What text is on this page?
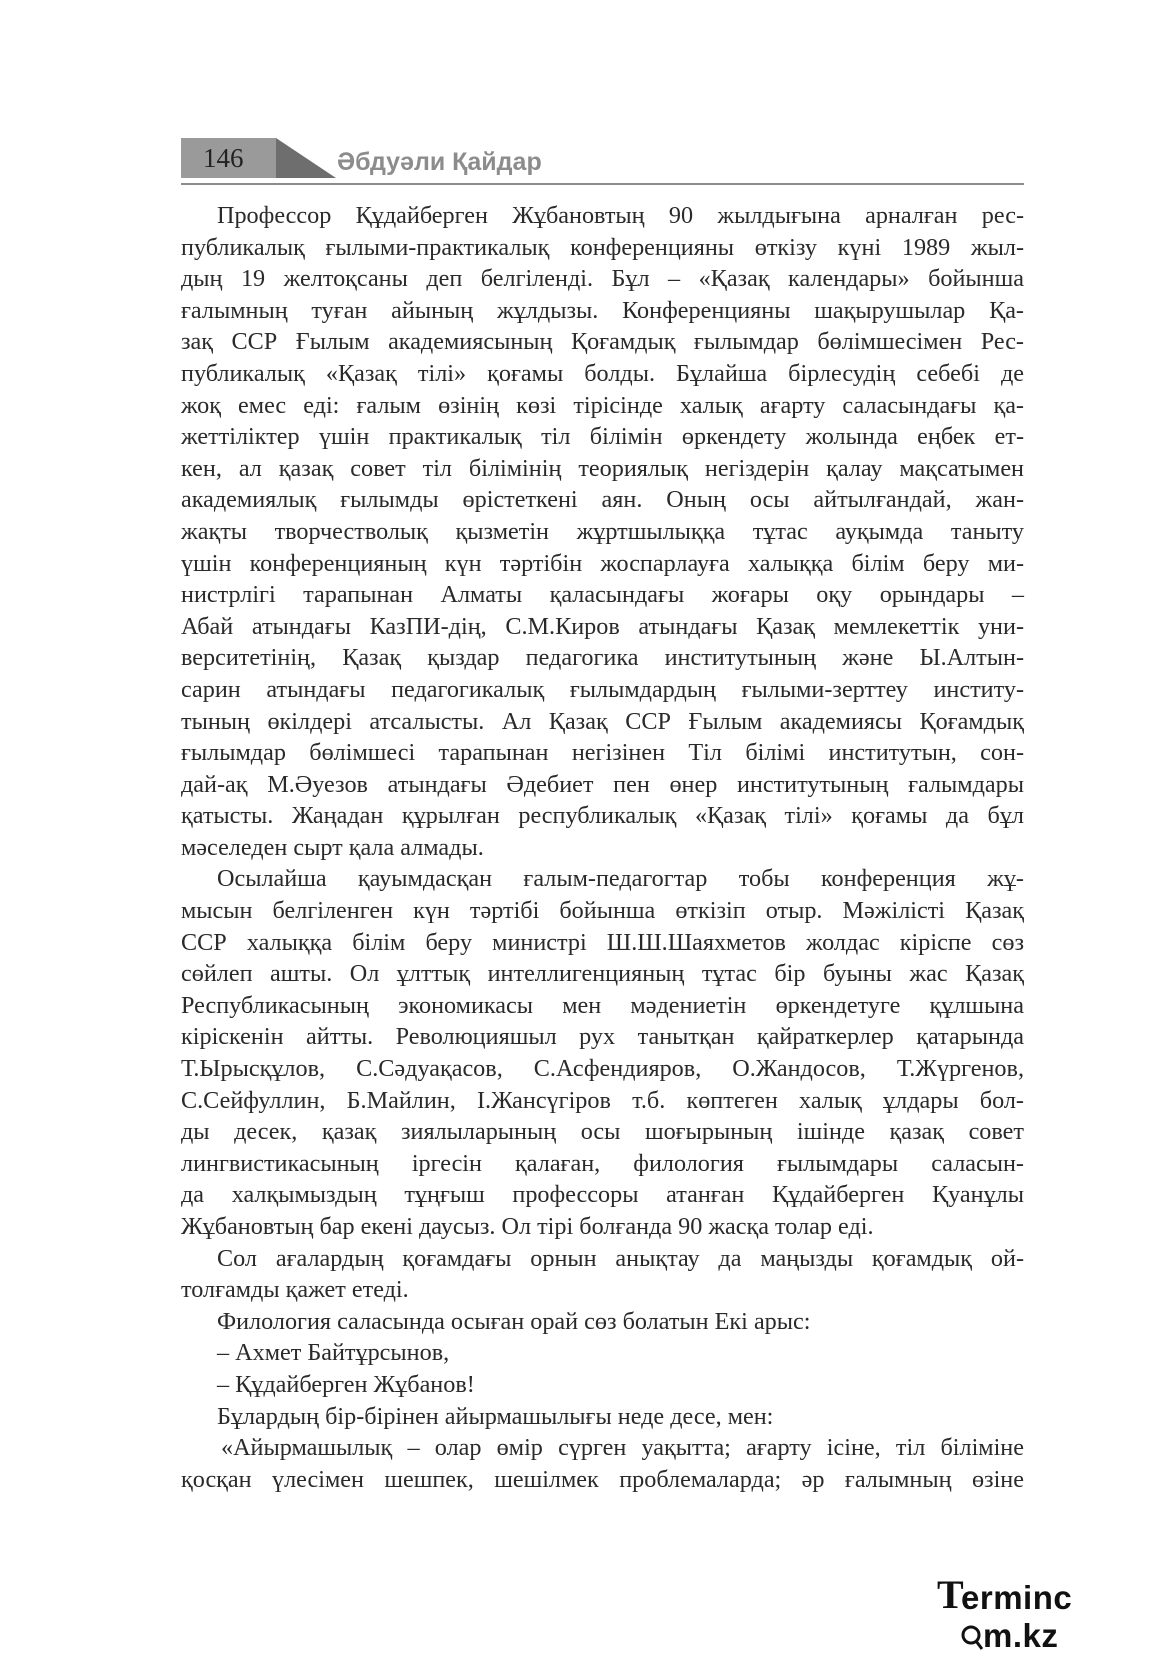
146	Әбдуәли Қайдар
Профессор Құдайберген Жұбановтың 90 жылдығына арналған рес-
публикалық ғылыми-практикалық конференцияны өткізу күні 1989 жыл-
дың 19 желтоқсаны деп белгіленді. Бұл – «Қазақ календары» бойынша
ғалымның туған айының жұлдызы. Конференцияны шақырушылар Қа-
зақ ССР Ғылым академиясының Қоғамдық ғылымдар бөлімшесімен Рес-
публикалық «Қазақ тілі» қоғамы болды. Бұлайша бірлесудің себебі де
жоқ емес еді: ғалым өзінің көзі тірісінде халық ағарту саласындағы қа-
жеттіліктер үшін практикалық тіл білімін өркендету жолында еңбек ет-
кен, ал қазақ совет тіл білімінің теориялық негіздерін қалау мақсатымен
академиялық ғылымды өрістеткені аян. Оның осы айтылғандай, жан-
жақты творчестволық қызметін жұртшылыққа тұтас ауқымда таныту
үшін конференцияның күн тәртібін жоспарлауға халыққа білім беру ми-
нистрлігі тарапынан Алматы қаласындағы жоғары оқу орындары –
Абай атындағы КазПИ-дің, С.М.Киров атындағы Қазақ мемлекеттік уни-
верситетінің, Қазақ қыздар педагогика институтының және Ы.Алтын-
сарин атындағы педагогикалық ғылымдардың ғылыми-зерттеу институ-
тының өкілдері атсалысты. Ал Қазақ ССР Ғылым академиясы Қоғамдық
ғылымдар бөлімшесі тарапынан негізінен Тіл білімі институтын, сон-
дай-ақ М.Әуезов атындағы Әдебиет пен өнер институтының ғалымдары
қатысты. Жаңадан құрылған республикалық «Қазақ тілі» қоғамы да бұл
мәселеден сырт қала алмады.
Осылайша қауымдасқан ғалым-педагогтар тобы конференция жұ-
мысын белгіленген күн тәртібі бойынша өткізіп отыр. Мәжілісті Қазақ
ССР халыққа білім беру министрі Ш.Ш.Шаяхметов жолдас кіріспе сөз
сөйлеп ашты. Ол ұлттық интеллигенцияның тұтас бір буыны жас Қазақ
Республикасының экономикасы мен мәдениетін өркендетуге құлшына
кіріскенін айтты. Революцияшыл рух танытқан қайраткерлер қатарында
Т.Ырысқұлов, С.Сәдуақасов, С.Асфендияров, О.Жандосов, Т.Жүргенов,
С.Сейфуллин, Б.Майлин, І.Жансүгіров т.б. көптеген халық ұлдары бол-
ды десек, қазақ зиялыларының осы шоғырының ішінде қазақ совет
лингвистикасының іргесін қалаған, филология ғылымдары саласын-
да халқымыздың тұңғыш профессоры атанған Құдайберген Қуанұлы
Жұбановтың бар екені даусыз. Ол тірі болғанда 90 жасқа толар еді.
Сол ағалардың қоғамдағы орнын анықтау да маңызды қоғамдық ой-
толғамды қажет етеді.
Филология саласында осыған орай сөз болатын Екі арыс:
– Ахмет Байтұрсынов,
– Құдайберген Жұбанов!
Бұлардың бір-бірінен айырмашылығы неде десе, мен:
«Айырмашылық – олар өмір сүрген уақытта; ағарту ісіне, тіл біліміне
қосқан үлесімен шешпек, шешілмек проблемаларда; әр ғалымның өзіне
T
ermincm.kz
